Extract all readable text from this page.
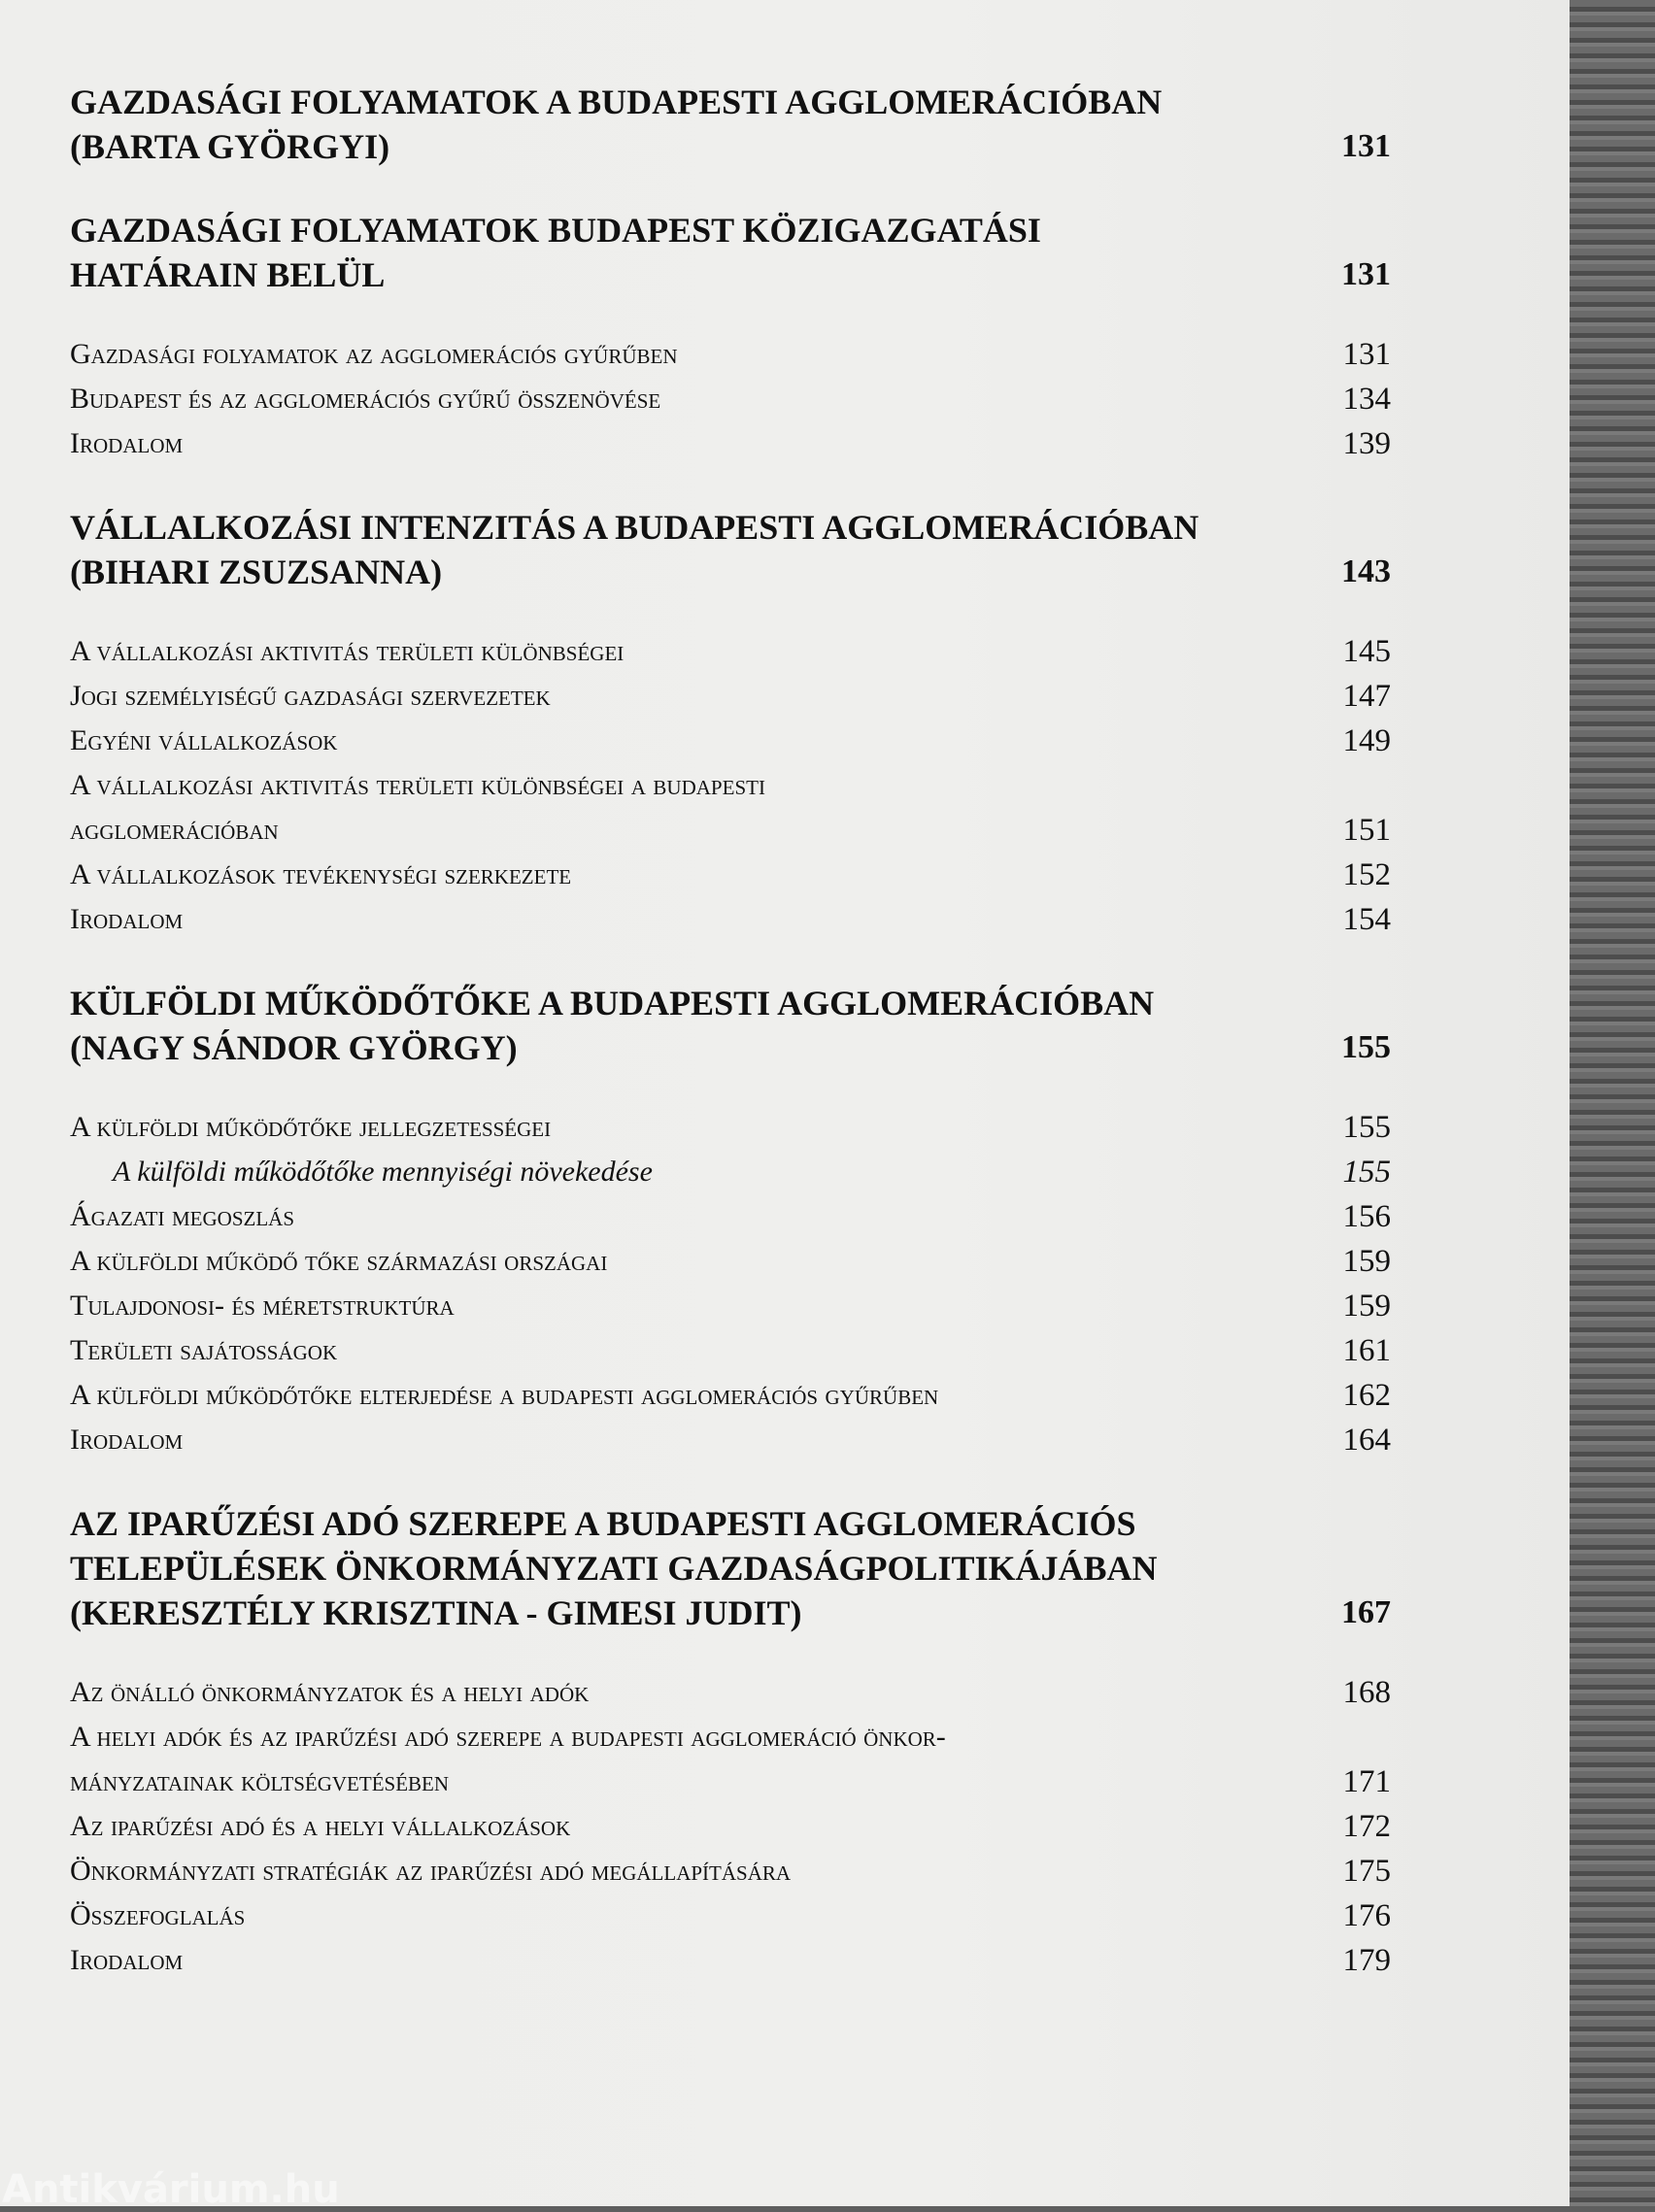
GAZDASÁGI FOLYAMATOK A BUDAPESTI AGGLOMERÁCIÓBAN
(BARTA GYÖRGYI)	131
GAZDASÁGI FOLYAMATOK BUDAPEST KÖZIGAZGATÁSI
HATÁRAIN BELÜL	131
Gazdasági folyamatok az agglomerációs gyűrűben	131
Budapest és az agglomerációs gyűrű összenövése	134
Irodalom	139
VÁLLALKOZÁSI INTENZITÁS A BUDAPESTI AGGLOMERÁCIÓBAN
(BIHARI ZSUZSANNA)	143
A vállalkozási aktivitás területi különbségei	145
Jogi személyiségű gazdasági szervezetek	147
Egyéni vállalkozások	149
A vállalkozási aktivitás területi különbségei a budapesti
agglomerációban	151
A vállalkozások tevékenységi szerkezete	152
Irodalom	154
KÜLFÖLDI MŰKÖDŐTŐKE A BUDAPESTI AGGLOMERÁCIÓBAN
(NAGY SÁNDOR GYÖRGY)	155
A külföldi működőtőke jellegzetességei	155
A külföldi működőtőke mennyiségi növekedése	155
Ágazati megoszlás	156
A külföldi működő tőke származási országai	159
Tulajdonosi- és méretstruktúra	159
Területi sajátosságok	161
A külföldi működőtőke elterjedése a budapesti agglomerációs gyűrűben	162
Irodalom	164
AZ IPARŰZÉSI ADÓ SZEREPE A BUDAPESTI AGGLOMERÁCIÓS
TELEPÜLÉSEK ÖNKORMÁNYZATI GAZDASÁGPOLITIKÁJÁBAN
(KERESZTÉLY KRISZTINA - GIMESI JUDIT)	167
Az önálló önkormányzatok és a helyi adók	168
A helyi adók és az iparűzési adó szerepe a budapesti agglomeráció önkor-
mányzatainak költségvetésében	171
Az iparűzési adó és a helyi vállalkozások	172
Önkormányzati stratégiák az iparűzési adó megállapítására	175
Összefoglalás	176
Irodalom	179
Antikvárium.hu
